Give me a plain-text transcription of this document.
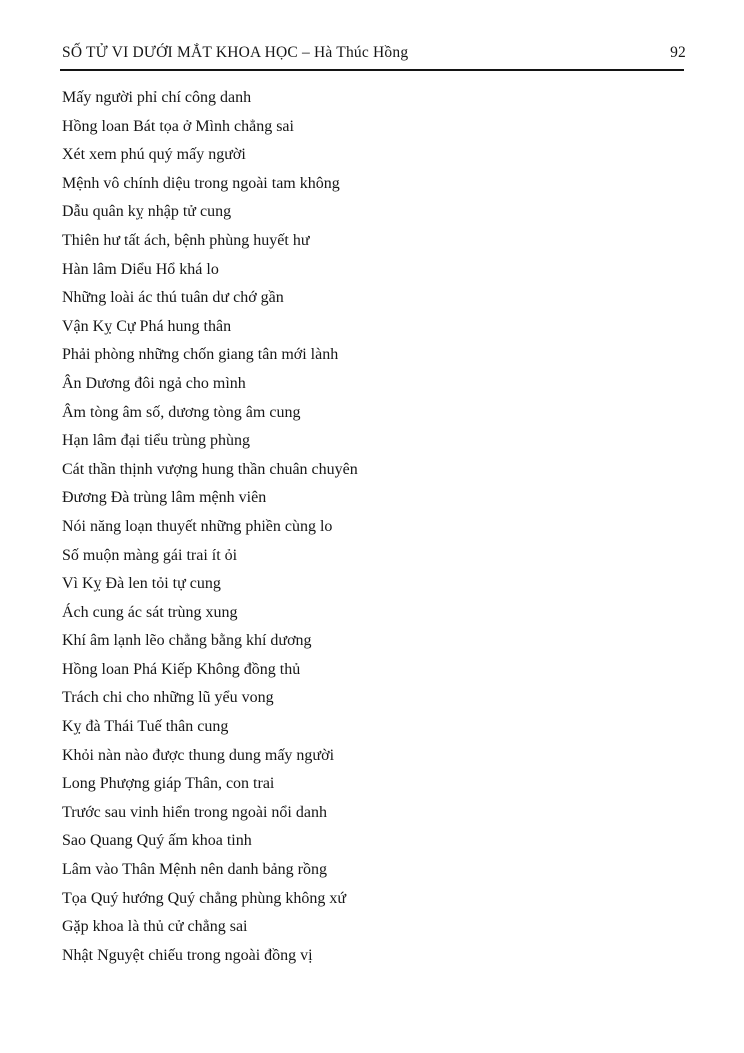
SỐ TỬ VI DƯỚI MẮT KHOA HỌC – Hà Thúc Hồng	92

Mấy người phỉ chí công danh

Hồng loan Bát tọa ở Mình chẳng sai

Xét xem phú quý mấy người

Mệnh vô chính diệu trong ngoài tam không

Dẫu quân kỵ nhập tử cung

Thiên hư tất ách, bệnh phùng huyết hư

Hàn lâm Diểu Hổ khá lo

Những loài ác thú tuân dư chớ gần

Vận Kỵ Cự Phá hung thân

Phải phòng những chốn giang tân mới lành

Ân Dương đôi ngả cho mình

Âm tòng âm số, dương tòng âm cung

Hạn lâm đại tiểu trùng phùng

Cát thần thịnh vượng hung thần chuân chuyên

Đương Đà trùng lâm mệnh viên

Nói năng loạn thuyết những phiền cùng lo

Số muộn màng gái trai ít ỏi

Vì Kỵ Đà len tỏi tự cung

Ách cung ác sát trùng xung

Khí âm lạnh lẽo chẳng bằng khí dương

Hồng loan Phá Kiếp Không đồng thủ

Trách chi cho những lũ yểu vong

Kỵ đà Thái Tuế thân cung

Khỏi nàn nào được thung dung mấy người

Long Phượng giáp Thân, con trai

Trước sau vinh hiển trong ngoài nổi danh

Sao Quang Quý ấm khoa tinh

Lâm vào Thân Mệnh nên danh bảng rồng

Tọa Quý hướng Quý chẳng phùng không xứ

Gặp khoa là thủ cử chẳng sai

Nhật Nguyệt chiếu trong ngoài đồng vị
